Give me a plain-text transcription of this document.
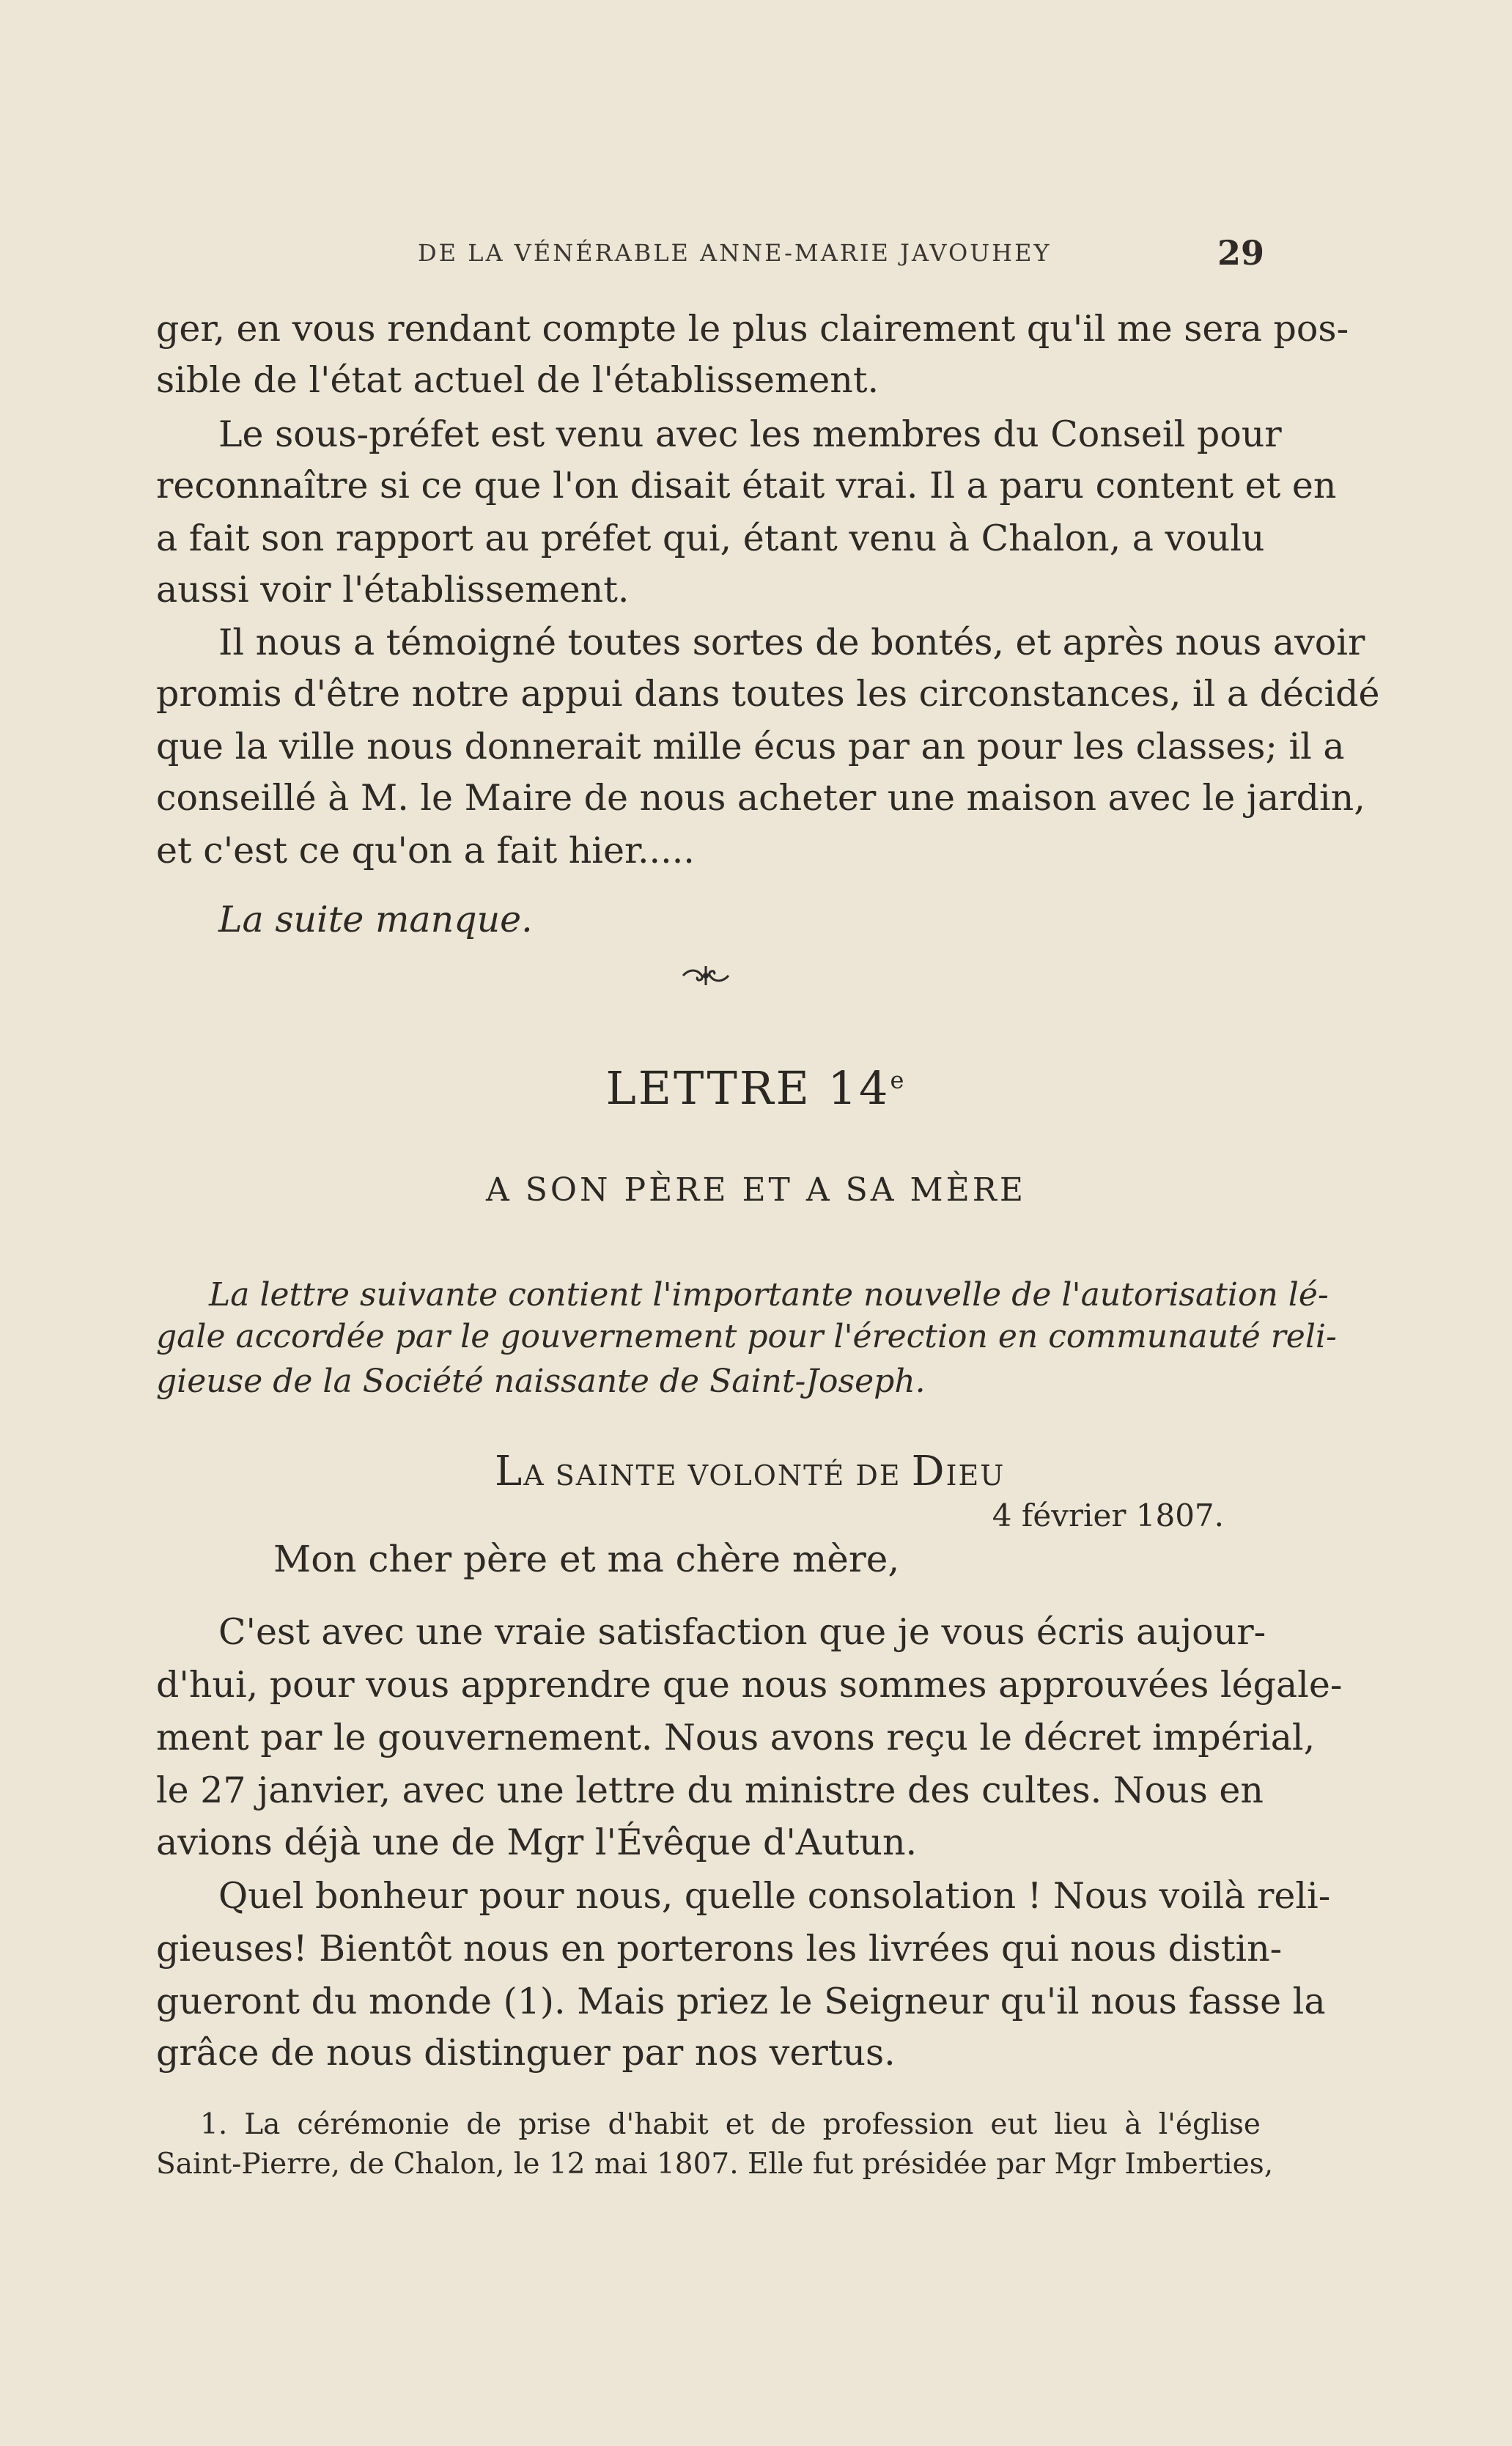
DE LA VÉNÉRABLE ANNE-MARIE JAVOUHEY	29
ger, en vous rendant compte le plus clairement qu'il me sera pos-
sible de l'état actuel de l'établissement.
Le sous-préfet est venu avec les membres du Conseil pour
reconnaître si ce que l'on disait était vrai. Il a paru content et en
a fait son rapport au préfet qui, étant venu à Chalon, a voulu
aussi voir l'établissement.
Il nous a témoigné toutes sortes de bontés, et après nous avoir
promis d'être notre appui dans toutes les circonstances, il a décidé
que la ville nous donnerait mille écus par an pour les classes; il a
conseillé à M. le Maire de nous acheter une maison avec le jardin,
et c'est ce qu'on a fait hier.....
La suite manque.
LETTRE 14e
A SON PÈRE ET A SA MÈRE
La lettre suivante contient l'importante nouvelle de l'autorisation lé-
gale accordée par le gouvernement pour l'érection en communauté reli-
gieuse de la Société naissante de Saint-Joseph.
LA SAINTE VOLONTÉ DE DIEU
4 février 1807.
Mon cher père et ma chère mère,
C'est avec une vraie satisfaction que je vous écris aujour-
d'hui, pour vous apprendre que nous sommes approuvées légale-
ment par le gouvernement. Nous avons reçu le décret impérial,
le 27 janvier, avec une lettre du ministre des cultes. Nous en
avions déjà une de Mgr l'Évêque d'Autun.
Quel bonheur pour nous, quelle consolation ! Nous voilà reli-
gieuses! Bientôt nous en porterons les livrées qui nous distin-
gueront du monde (1). Mais priez le Seigneur qu'il nous fasse la
grâce de nous distinguer par nos vertus.
1. La cérémonie de prise d'habit et de profession eut lieu à l'église
Saint-Pierre, de Chalon, le 12 mai 1807. Elle fut présidée par Mgr Imberties,
